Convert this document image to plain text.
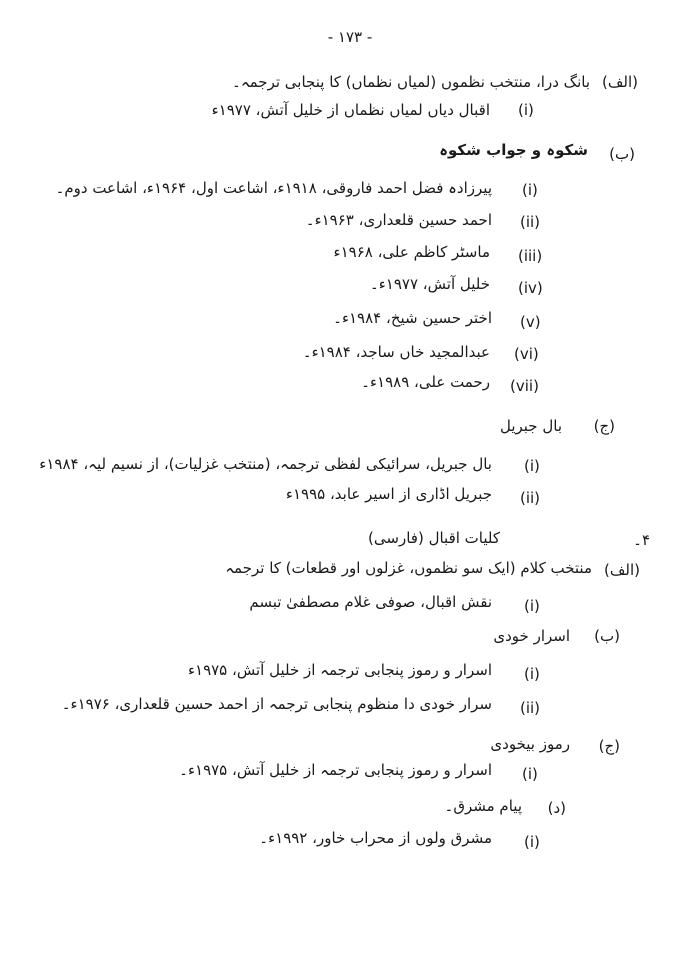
- ۱۷۳ -
(الف)
بانگ درا، منتخب نظموں (لمیاں نظماں) کا پنجابی ترجمہ۔
(i)
اقبال دیاں لمیاں نظماں از خلیل آتش، ۱۹۷۷ء
(ب)
شکوہ و جواب شکوہ
(i)
پیرزادہ فضل احمد فاروقی، ۱۹۱۸ء، اشاعت اول، ۱۹۶۴ء، اشاعت دوم۔
(ii)
احمد حسین قلعداری، ۱۹۶۳ء۔
(iii)
ماسٹر کاظم علی، ۱۹۶۸ء
(iv)
خلیل آتش، ۱۹۷۷ء۔
(v)
اختر حسین شیخ، ۱۹۸۴ء۔
(vi)
عبدالمجید خاں ساجد، ۱۹۸۴ء۔
(vii)
رحمت علی، ۱۹۸۹ء۔
(ج)
بال جبریل
(i)
بال جبریل، سرائیکی لفظی ترجمہ، (منتخب غزلیات)، از نسیم لیہ، ۱۹۸۴ء
(ii)
جبریل اڈاری از اسیر عابد، ۱۹۹۵ء
۴۔
کلیات اقبال (فارسی)
(الف)
منتخب کلام (ایک سو نظموں، غزلوں اور قطعات) کا ترجمہ
(i)
نقش اقبال، صوفی غلام مصطفیٰ تبسم
(ب)
اسرار خودی
(i)
اسرار و رموز پنجابی ترجمہ از خلیل آتش، ۱۹۷۵ء
(ii)
سرار خودی دا منظوم پنجابی ترجمہ از احمد حسین قلعداری، ۱۹۷۶ء۔
(ج)
رموز بیخودی
(i)
اسرار و رموز پنجابی ترجمہ از خلیل آتش، ۱۹۷۵ء۔
(د)
پیام مشرق۔
(i)
مشرق ولوں از محراب خاور، ۱۹۹۲ء۔
